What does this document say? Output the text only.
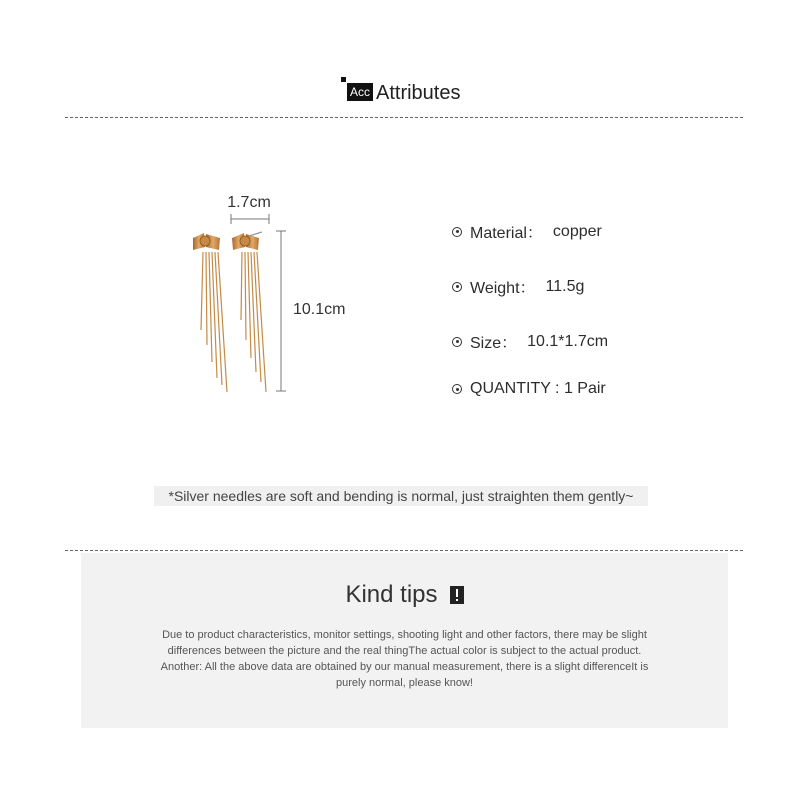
Acc Attributes
1.7cm
10.1cm
Material： copper
Weight： 11.5g
Size： 10.1*1.7cm
QUANTITY : 1 Pair
*Silver needles are soft and bending is normal, just straighten them gently~
Kind tips
Due to product characteristics, monitor settings, shooting light and other factors, there may be slight
differences between the picture and the real thingThe actual color is subject to the actual product.
Another: All the above data are obtained by our manual measurement, there is a slight differenceIt is
purely normal, please know!
